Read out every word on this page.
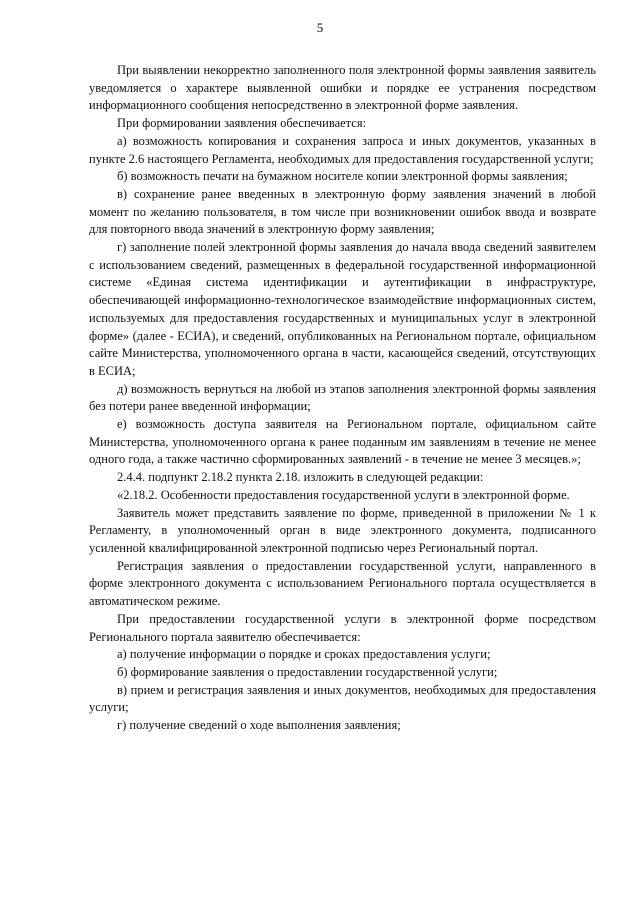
5

При выявлении некорректно заполненного поля электронной формы заявления заявитель уведомляется о характере выявленной ошибки и порядке ее устранения посредством информационного сообщения непосредственно в электронной форме заявления.

При формировании заявления обеспечивается:

а) возможность копирования и сохранения запроса и иных документов, указанных в пункте 2.6 настоящего Регламента, необходимых для предоставления государственной услуги;

б) возможность печати на бумажном носителе копии электронной формы заявления;

в) сохранение ранее введенных в электронную форму заявления значений в любой момент по желанию пользователя, в том числе при возникновении ошибок ввода и возврате для повторного ввода значений в электронную форму заявления;

г) заполнение полей электронной формы заявления до начала ввода сведений заявителем с использованием сведений, размещенных в федеральной государственной информационной системе «Единая система идентификации и аутентификации в инфраструктуре, обеспечивающей информационно-технологическое взаимодействие информационных систем, используемых для предоставления государственных и муниципальных услуг в электронной форме» (далее - ЕСИА), и сведений, опубликованных на Региональном портале, официальном сайте Министерства, уполномоченного органа в части, касающейся сведений, отсутствующих в ЕСИА;

д) возможность вернуться на любой из этапов заполнения электронной формы заявления без потери ранее введенной информации;

е) возможность доступа заявителя на Региональном портале, официальном сайте Министерства, уполномоченного органа к ранее поданным им заявлениям в течение не менее одного года, а также частично сформированных заявлений - в течение не менее 3 месяцев.»;

2.4.4. подпункт 2.18.2 пункта 2.18. изложить в следующей редакции:

«2.18.2. Особенности предоставления государственной услуги в электронной форме.

Заявитель может представить заявление по форме, приведенной в приложении № 1 к Регламенту, в уполномоченный орган в виде электронного документа, подписанного усиленной квалифицированной электронной подписью через Региональный портал.

Регистрация заявления о предоставлении государственной услуги, направленного в форме электронного документа с использованием Регионального портала осуществляется в автоматическом режиме.

При предоставлении государственной услуги в электронной форме посредством Регионального портала заявителю обеспечивается:

а) получение информации о порядке и сроках предоставления услуги;

б) формирование заявления о предоставлении государственной услуги;

в) прием и регистрация заявления и иных документов, необходимых для предоставления услуги;

г) получение сведений о ходе выполнения заявления;
